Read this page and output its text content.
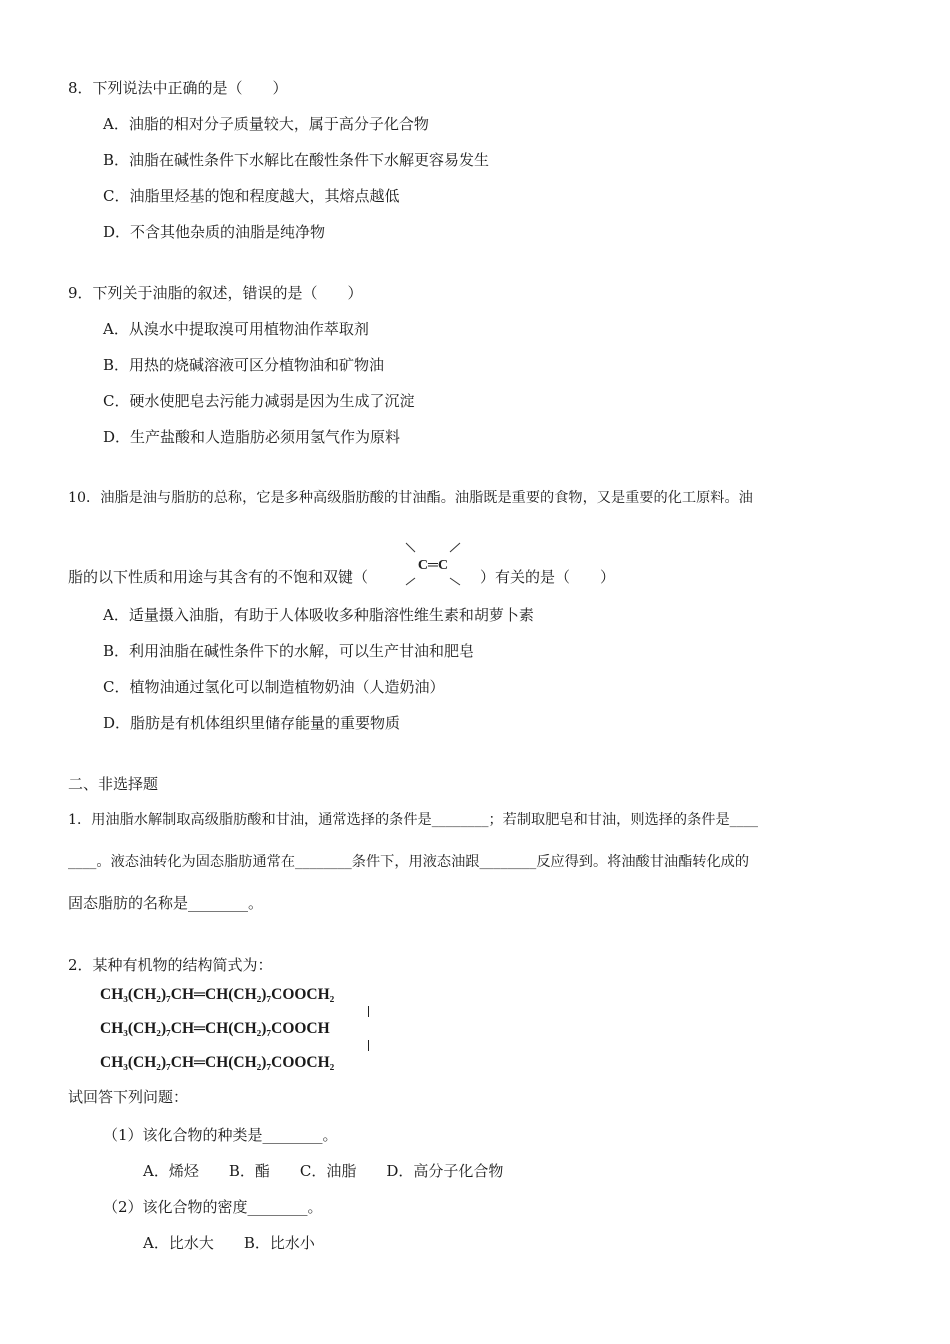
8．下列说法中正确的是（　　）
A．油脂的相对分子质量较大，属于高分子化合物
B．油脂在碱性条件下水解比在酸性条件下水解更容易发生
C．油脂里烃基的饱和程度越大，其熔点越低
D．不含其他杂质的油脂是纯净物
9．下列关于油脂的叙述，错误的是（　　）
A．从溴水中提取溴可用植物油作萃取剂
B．用热的烧碱溶液可区分植物油和矿物油
C．硬水使肥皂去污能力减弱是因为生成了沉淀
D．生产盐酸和人造脂肪必须用氢气作为原料
10．油脂是油与脂肪的总称，它是多种高级脂肪酸的甘油酯。油脂既是重要的食物，又是重要的化工原料。油
脂的以下性质和用途与其含有的不饱和双键（
C═C
）有关的是（　　）
A．适量摄入油脂，有助于人体吸收多种脂溶性维生素和胡萝卜素
B．利用油脂在碱性条件下的水解，可以生产甘油和肥皂
C．植物油通过氢化可以制造植物奶油（人造奶油）
D．脂肪是有机体组织里储存能量的重要物质
二、非选择题
1．用油脂水解制取高级脂肪酸和甘油，通常选择的条件是________；若制取肥皂和甘油，则选择的条件是____
____。液态油转化为固态脂肪通常在________条件下，用液态油跟________反应得到。将油酸甘油酯转化成的
固态脂肪的名称是________。
2．某种有机物的结构简式为：
CH₃(CH₂)₇CH═CH(CH₂)₇COOCH₂
CH₃(CH₂)₇CH═CH(CH₂)₇COOCH
CH₃(CH₂)₇CH═CH(CH₂)₇COOCH₂
试回答下列问题：
（1）该化合物的种类是________。
A．烯烃　　B．酯　　C．油脂　　D．高分子化合物
（2）该化合物的密度________。
A．比水大　　B．比水小
